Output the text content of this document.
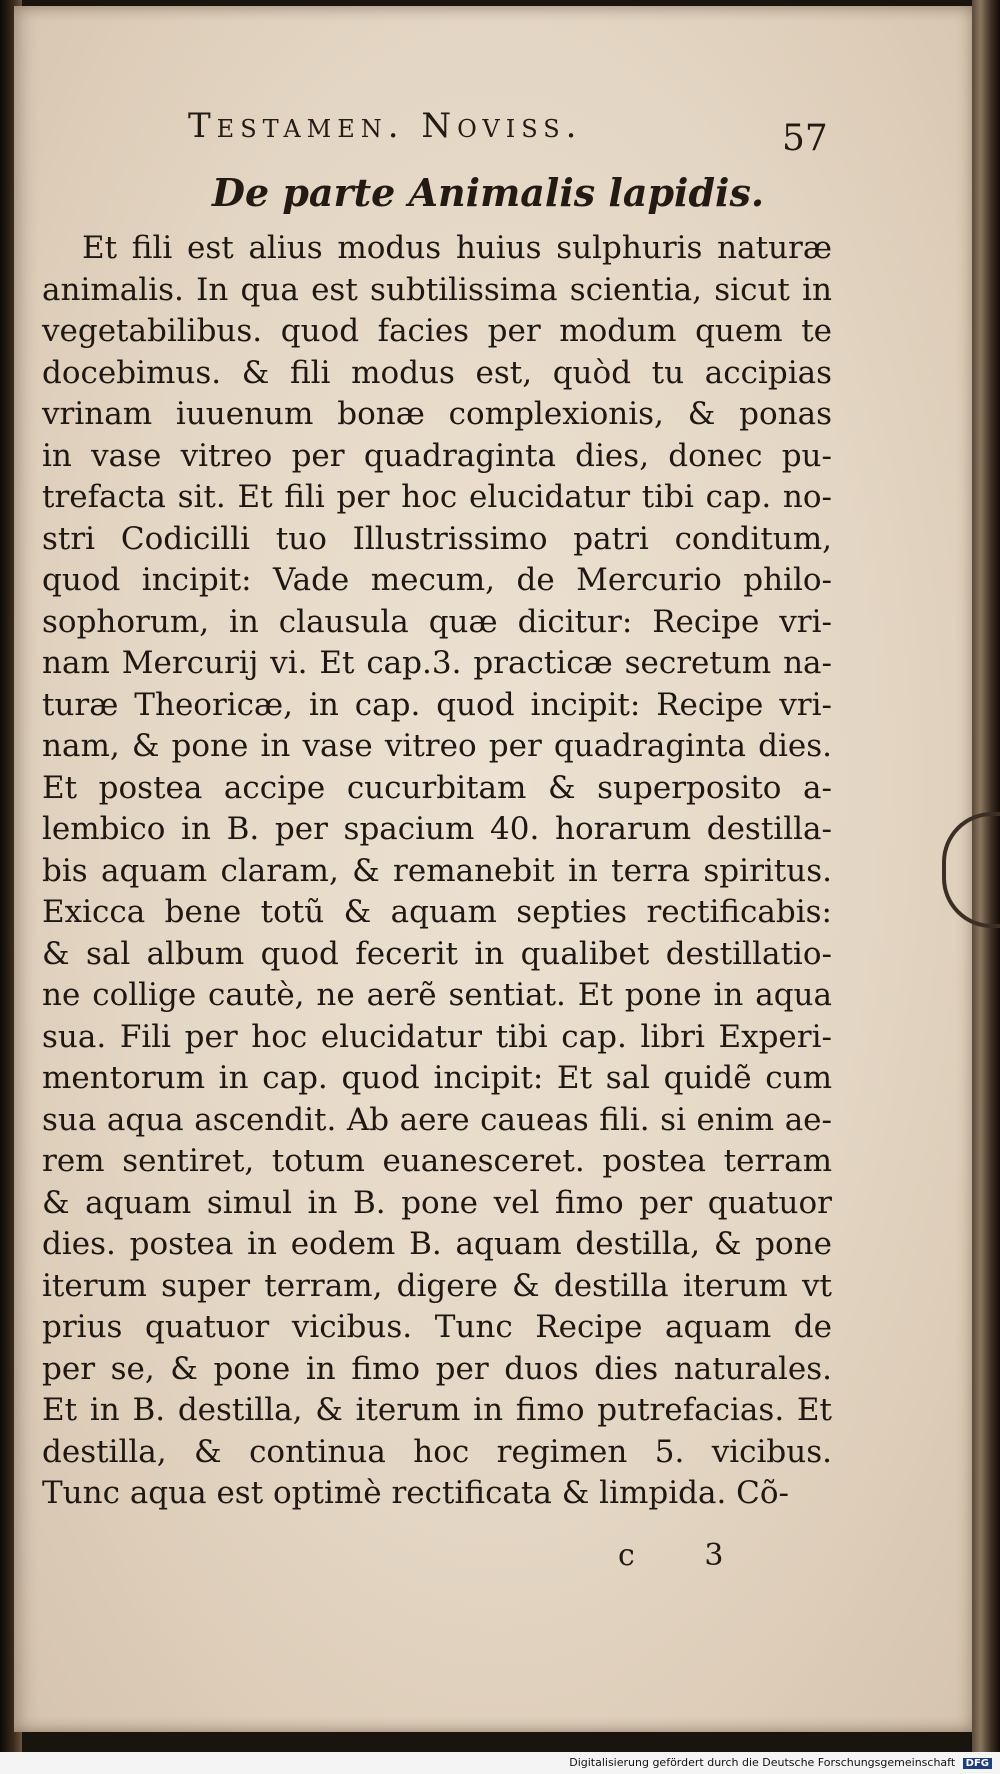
Testamen. Noviss.	57
De parte Animalis lapidis.
Et fili est alius modus huius sulphuris naturæ
animalis. In qua est subtilissima scientia, sicut in
vegetabilibus. quod facies per modum quem te
docebimus. & fili modus est, quòd tu accipias
vrinam iuuenum bonæ complexionis, & ponas
in vase vitreo per quadraginta dies, donec pu-
trefacta sit. Et fili per hoc elucidatur tibi cap. no-
stri Codicilli tuo Illustrissimo patri conditum,
quod incipit: Vade mecum, de Mercurio philo-
sophorum, in clausula quæ dicitur: Recipe vri-
nam Mercurij vi. Et cap.3. practicæ secretum na-
turæ Theoricæ, in cap. quod incipit: Recipe vri-
nam, & pone in vase vitreo per quadraginta dies.
Et postea accipe cucurbitam & superposito a-
lembico in B. per spacium 40. horarum destilla-
bis aquam claram, & remanebit in terra spiritus.
Exicca bene totũ & aquam septies rectificabis:
& sal album quod fecerit in qualibet destillatio-
ne collige cautè, ne aerẽ sentiat. Et pone in aqua
sua. Fili per hoc elucidatur tibi cap. libri Experi-
mentorum in cap. quod incipit: Et sal quidẽ cum
sua aqua ascendit. Ab aere caueas fili. si enim ae-
rem sentiret, totum euanesceret. postea terram
& aquam simul in B. pone vel fimo per quatuor
dies. postea in eodem B. aquam destilla, & pone
iterum super terram, digere & destilla iterum vt
prius quatuor vicibus. Tunc Recipe aquam de
per se, & pone in fimo per duos dies naturales.
Et in B. destilla, & iterum in fimo putrefacias. Et
destilla, & continua hoc regimen 5. vicibus.
Tunc aqua est optimè rectificata & limpida. Cõ-
c 3
Digitalisierung gefördert durch die Deutsche Forschungsgemeinschaft DFG
